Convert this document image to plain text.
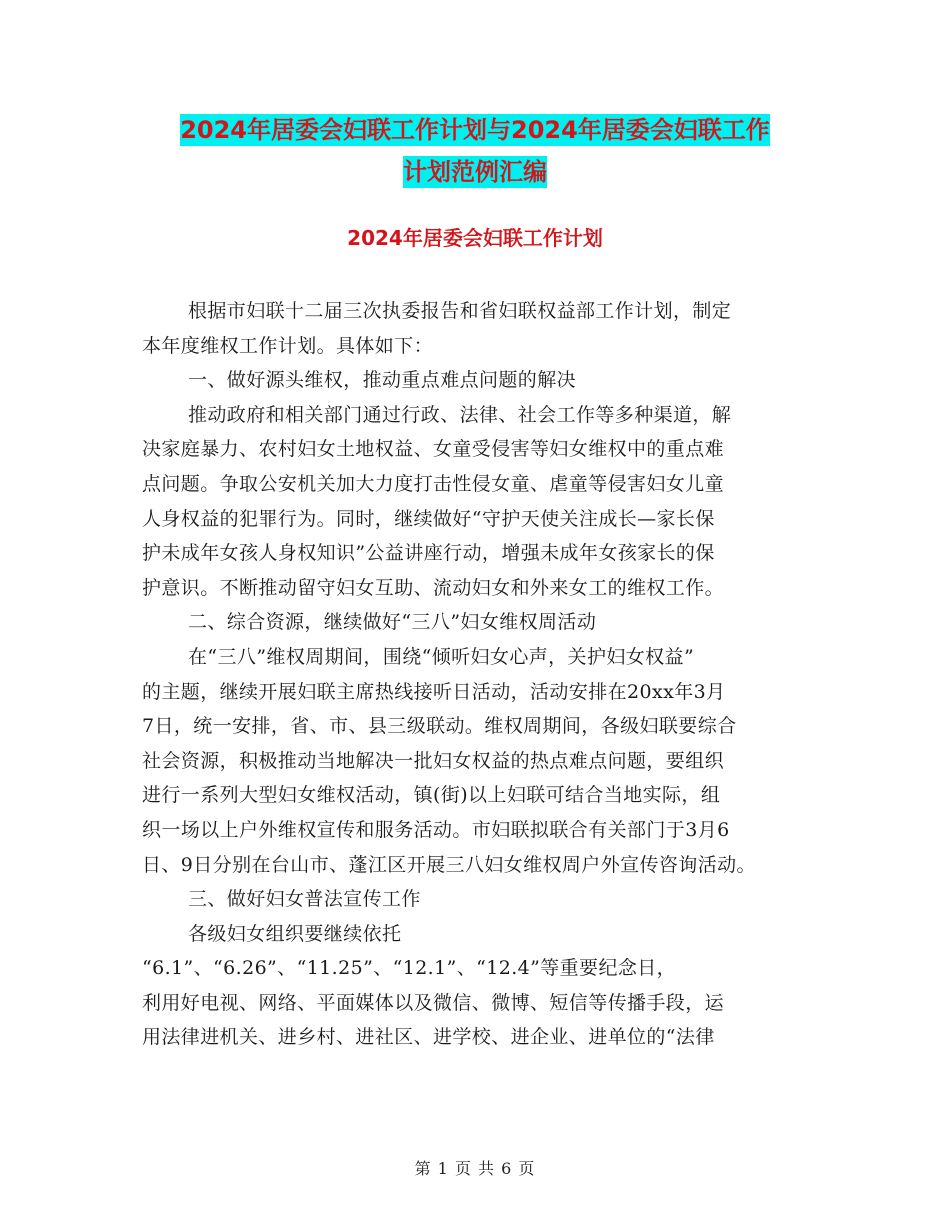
2024年居委会妇联工作计划与2024年居委会妇联工作
计划范例汇编
2024年居委会妇联工作计划
根据市妇联十二届三次执委报告和省妇联权益部工作计划，制定
本年度维权工作计划。具体如下：
一、做好源头维权，推动重点难点问题的解决
推动政府和相关部门通过行政、法律、社会工作等多种渠道，解
决家庭暴力、农村妇女土地权益、女童受侵害等妇女维权中的重点难
点问题。争取公安机关加大力度打击性侵女童、虐童等侵害妇女儿童
人身权益的犯罪行为。同时，继续做好“守护天使关注成长—家长保
护未成年女孩人身权知识”公益讲座行动，增强未成年女孩家长的保
护意识。不断推动留守妇女互助、流动妇女和外来女工的维权工作。
二、综合资源，继续做好“三八”妇女维权周活动
在“三八”维权周期间，围绕“倾听妇女心声，关护妇女权益”
的主题，继续开展妇联主席热线接听日活动，活动安排在20xx年3月
7日，统一安排，省、市、县三级联动。维权周期间，各级妇联要综合
社会资源，积极推动当地解决一批妇女权益的热点难点问题，要组织
进行一系列大型妇女维权活动，镇(街)以上妇联可结合当地实际，组
织一场以上户外维权宣传和服务活动。市妇联拟联合有关部门于3月6
日、9日分别在台山市、蓬江区开展三八妇女维权周户外宣传咨询活动。
三、做好妇女普法宣传工作
各级妇女组织要继续依托
“6.1”、“6.26”、“11.25”、“12.1”、“12.4”等重要纪念日，
利用好电视、网络、平面媒体以及微信、微博、短信等传播手段，运
用法律进机关、进乡村、进社区、进学校、进企业、进单位的“法律
第 1 页 共 6 页
